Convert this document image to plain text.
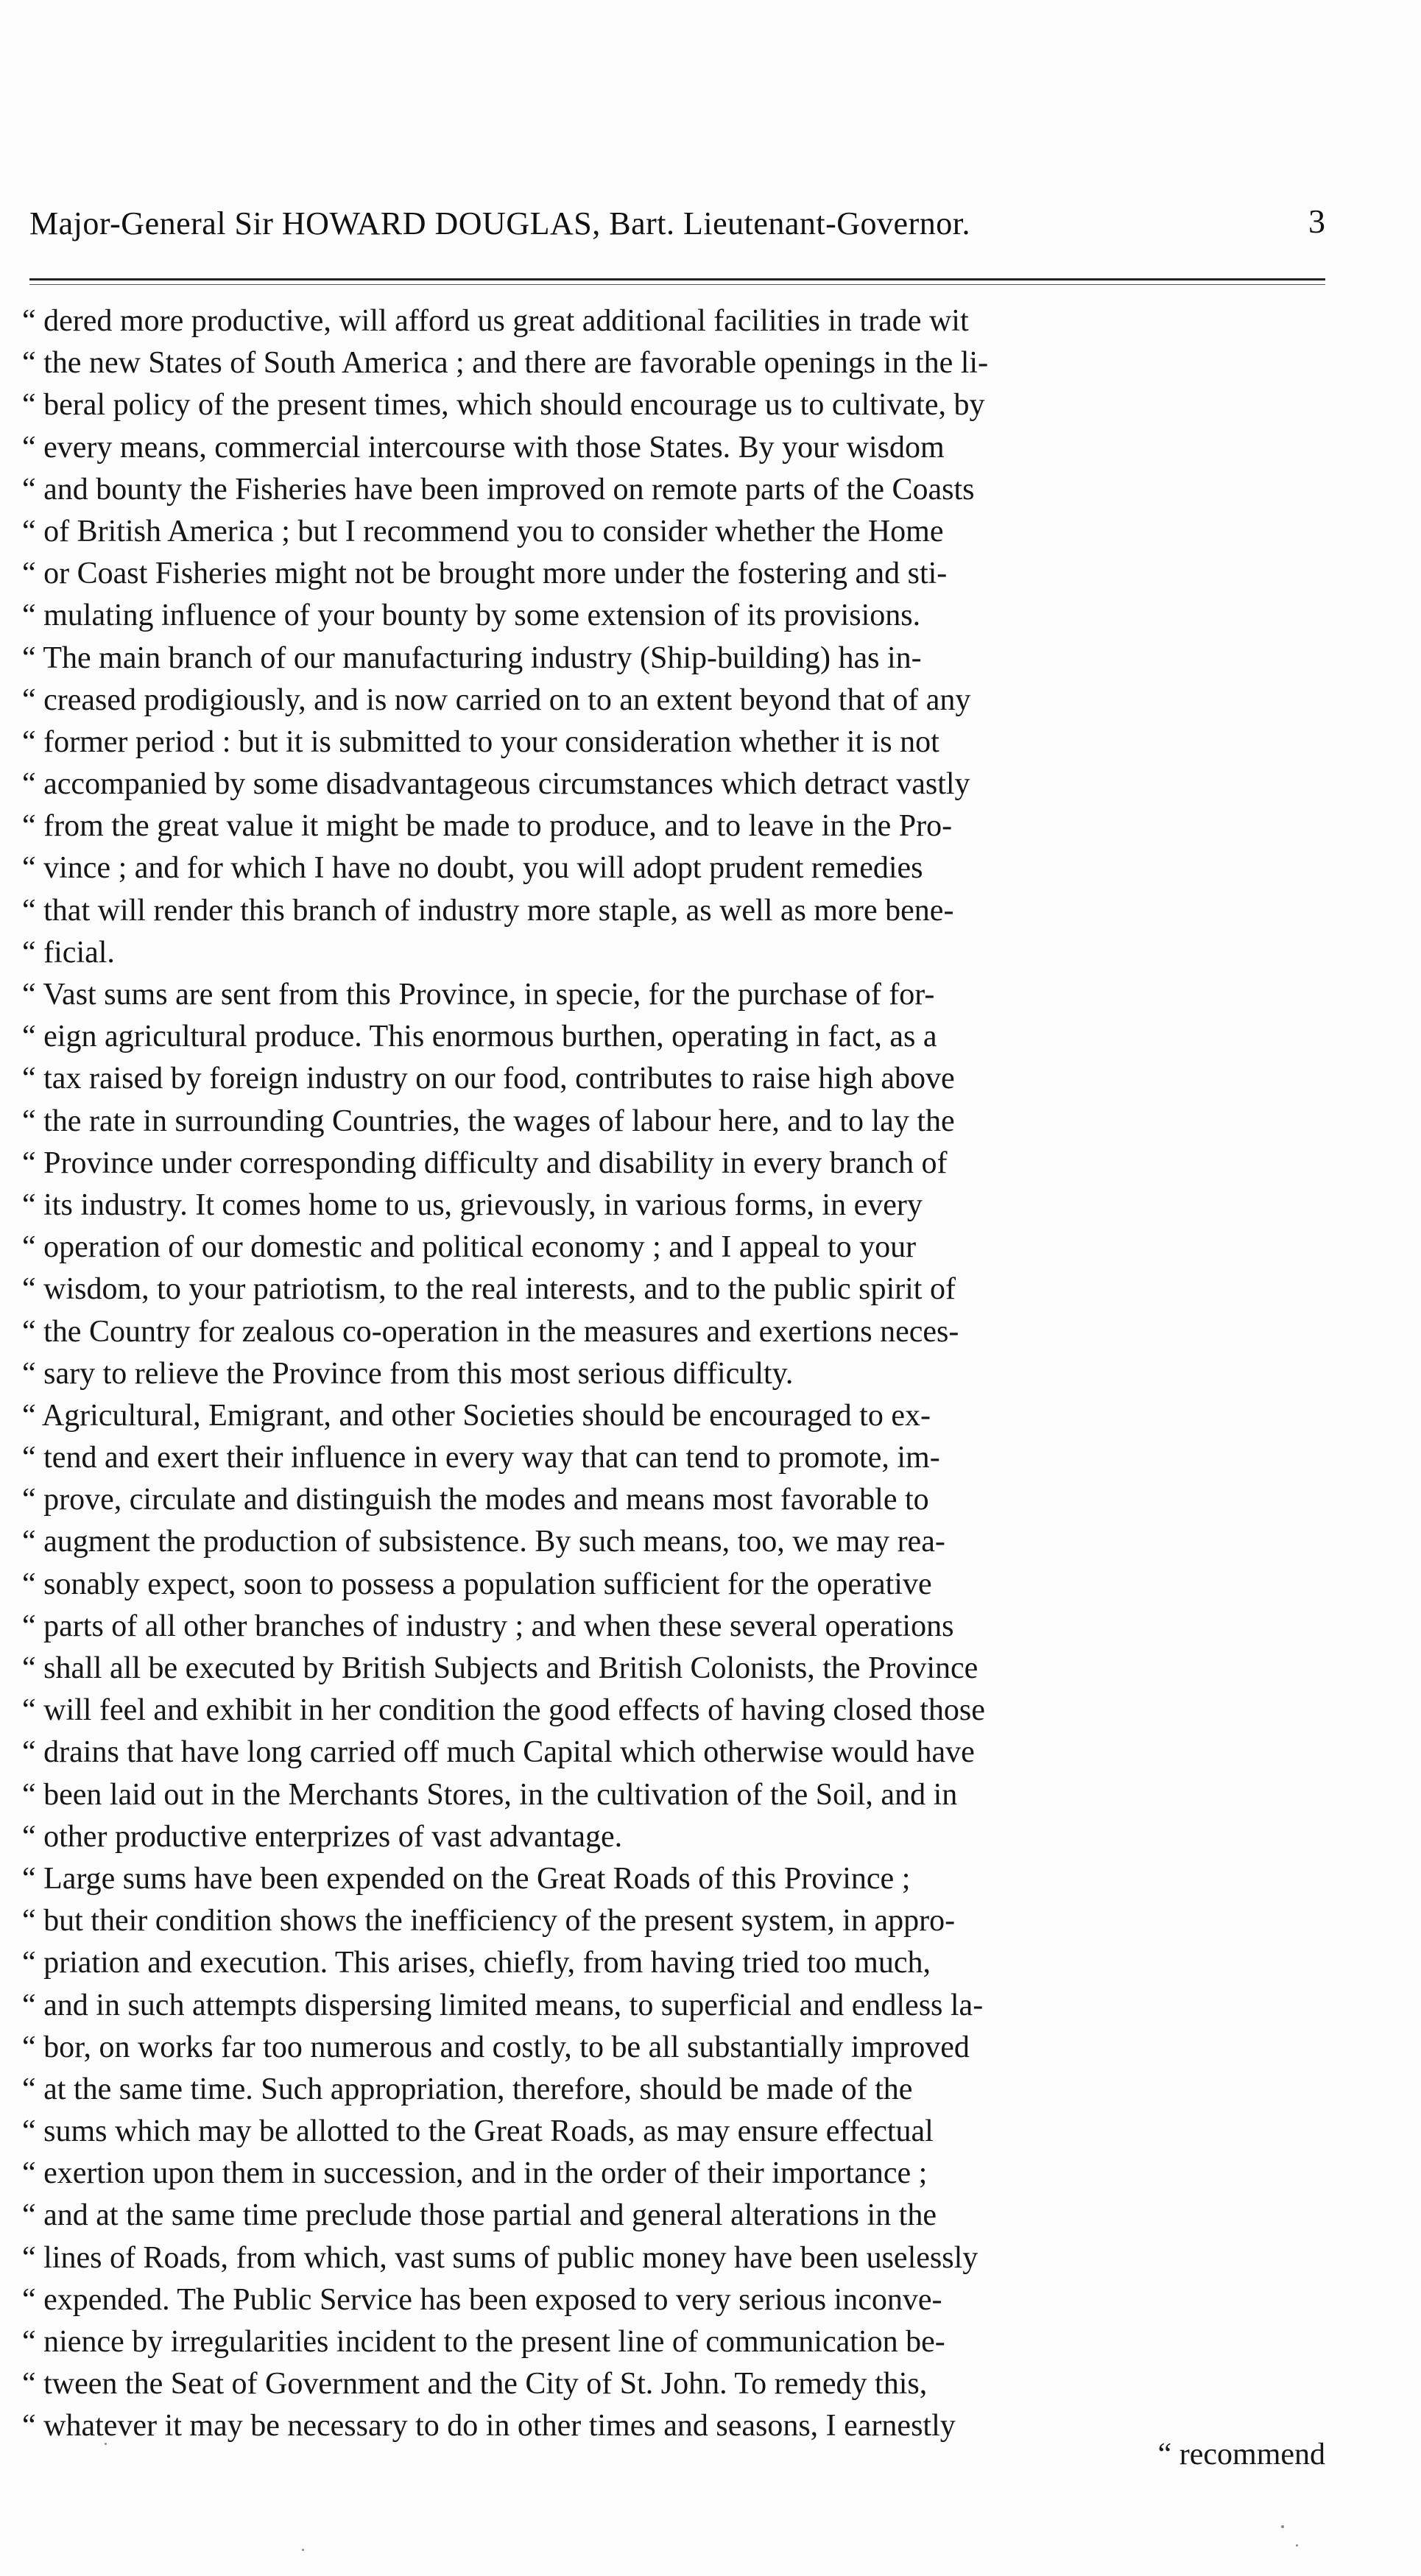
Major-General Sir HOWARD DOUGLAS, Bart. Lieutenant-Governor.	3
“ dered more productive, will afford us great additional facilities in trade wit
“ the new States of South America ; and there are favorable openings in the li-
“ beral policy of the present times, which should encourage us to cultivate, by
“ every means, commercial intercourse with those States. By your wisdom
“ and bounty the Fisheries have been improved on remote parts of the Coasts
“ of British America ; but I recommend you to consider whether the Home
“ or Coast Fisheries might not be brought more under the fostering and sti-
“ mulating influence of your bounty by some extension of its provisions.
“ The main branch of our manufacturing industry (Ship-building) has in-
“ creased prodigiously, and is now carried on to an extent beyond that of any
“ former period : but it is submitted to your consideration whether it is not
“ accompanied by some disadvantageous circumstances which detract vastly
“ from the great value it might be made to produce, and to leave in the Pro-
“ vince ; and for which I have no doubt, you will adopt prudent remedies
“ that will render this branch of industry more staple, as well as more bene-
“ ficial.
“ Vast sums are sent from this Province, in specie, for the purchase of for-
“ eign agricultural produce. This enormous burthen, operating in fact, as a
“ tax raised by foreign industry on our food, contributes to raise high above
“ the rate in surrounding Countries, the wages of labour here, and to lay the
“ Province under corresponding difficulty and disability in every branch of
“ its industry. It comes home to us, grievously, in various forms, in every
“ operation of our domestic and political economy ; and I appeal to your
“ wisdom, to your patriotism, to the real interests, and to the public spirit of
“ the Country for zealous co-operation in the measures and exertions neces-
“ sary to relieve the Province from this most serious difficulty.
“ Agricultural, Emigrant, and other Societies should be encouraged to ex-
“ tend and exert their influence in every way that can tend to promote, im-
“ prove, circulate and distinguish the modes and means most favorable to
“ augment the production of subsistence. By such means, too, we may rea-
“ sonably expect, soon to possess a population sufficient for the operative
“ parts of all other branches of industry ; and when these several operations
“ shall all be executed by British Subjects and British Colonists, the Province
“ will feel and exhibit in her condition the good effects of having closed those
“ drains that have long carried off much Capital which otherwise would have
“ been laid out in the Merchants Stores, in the cultivation of the Soil, and in
“ other productive enterprizes of vast advantage.
“ Large sums have been expended on the Great Roads of this Province ;
“ but their condition shows the inefficiency of the present system, in appro-
“ priation and execution. This arises, chiefly, from having tried too much,
“ and in such attempts dispersing limited means, to superficial and endless la-
“ bor, on works far too numerous and costly, to be all substantially improved
“ at the same time. Such appropriation, therefore, should be made of the
“ sums which may be allotted to the Great Roads, as may ensure effectual
“ exertion upon them in succession, and in the order of their importance ;
“ and at the same time preclude those partial and general alterations in the
“ lines of Roads, from which, vast sums of public money have been uselessly
“ expended. The Public Service has been exposed to very serious inconve-
“ nience by irregularities incident to the present line of communication be-
“ tween the Seat of Government and the City of St. John. To remedy this,
“ whatever it may be necessary to do in other times and seasons, I earnestly
“ recommend
